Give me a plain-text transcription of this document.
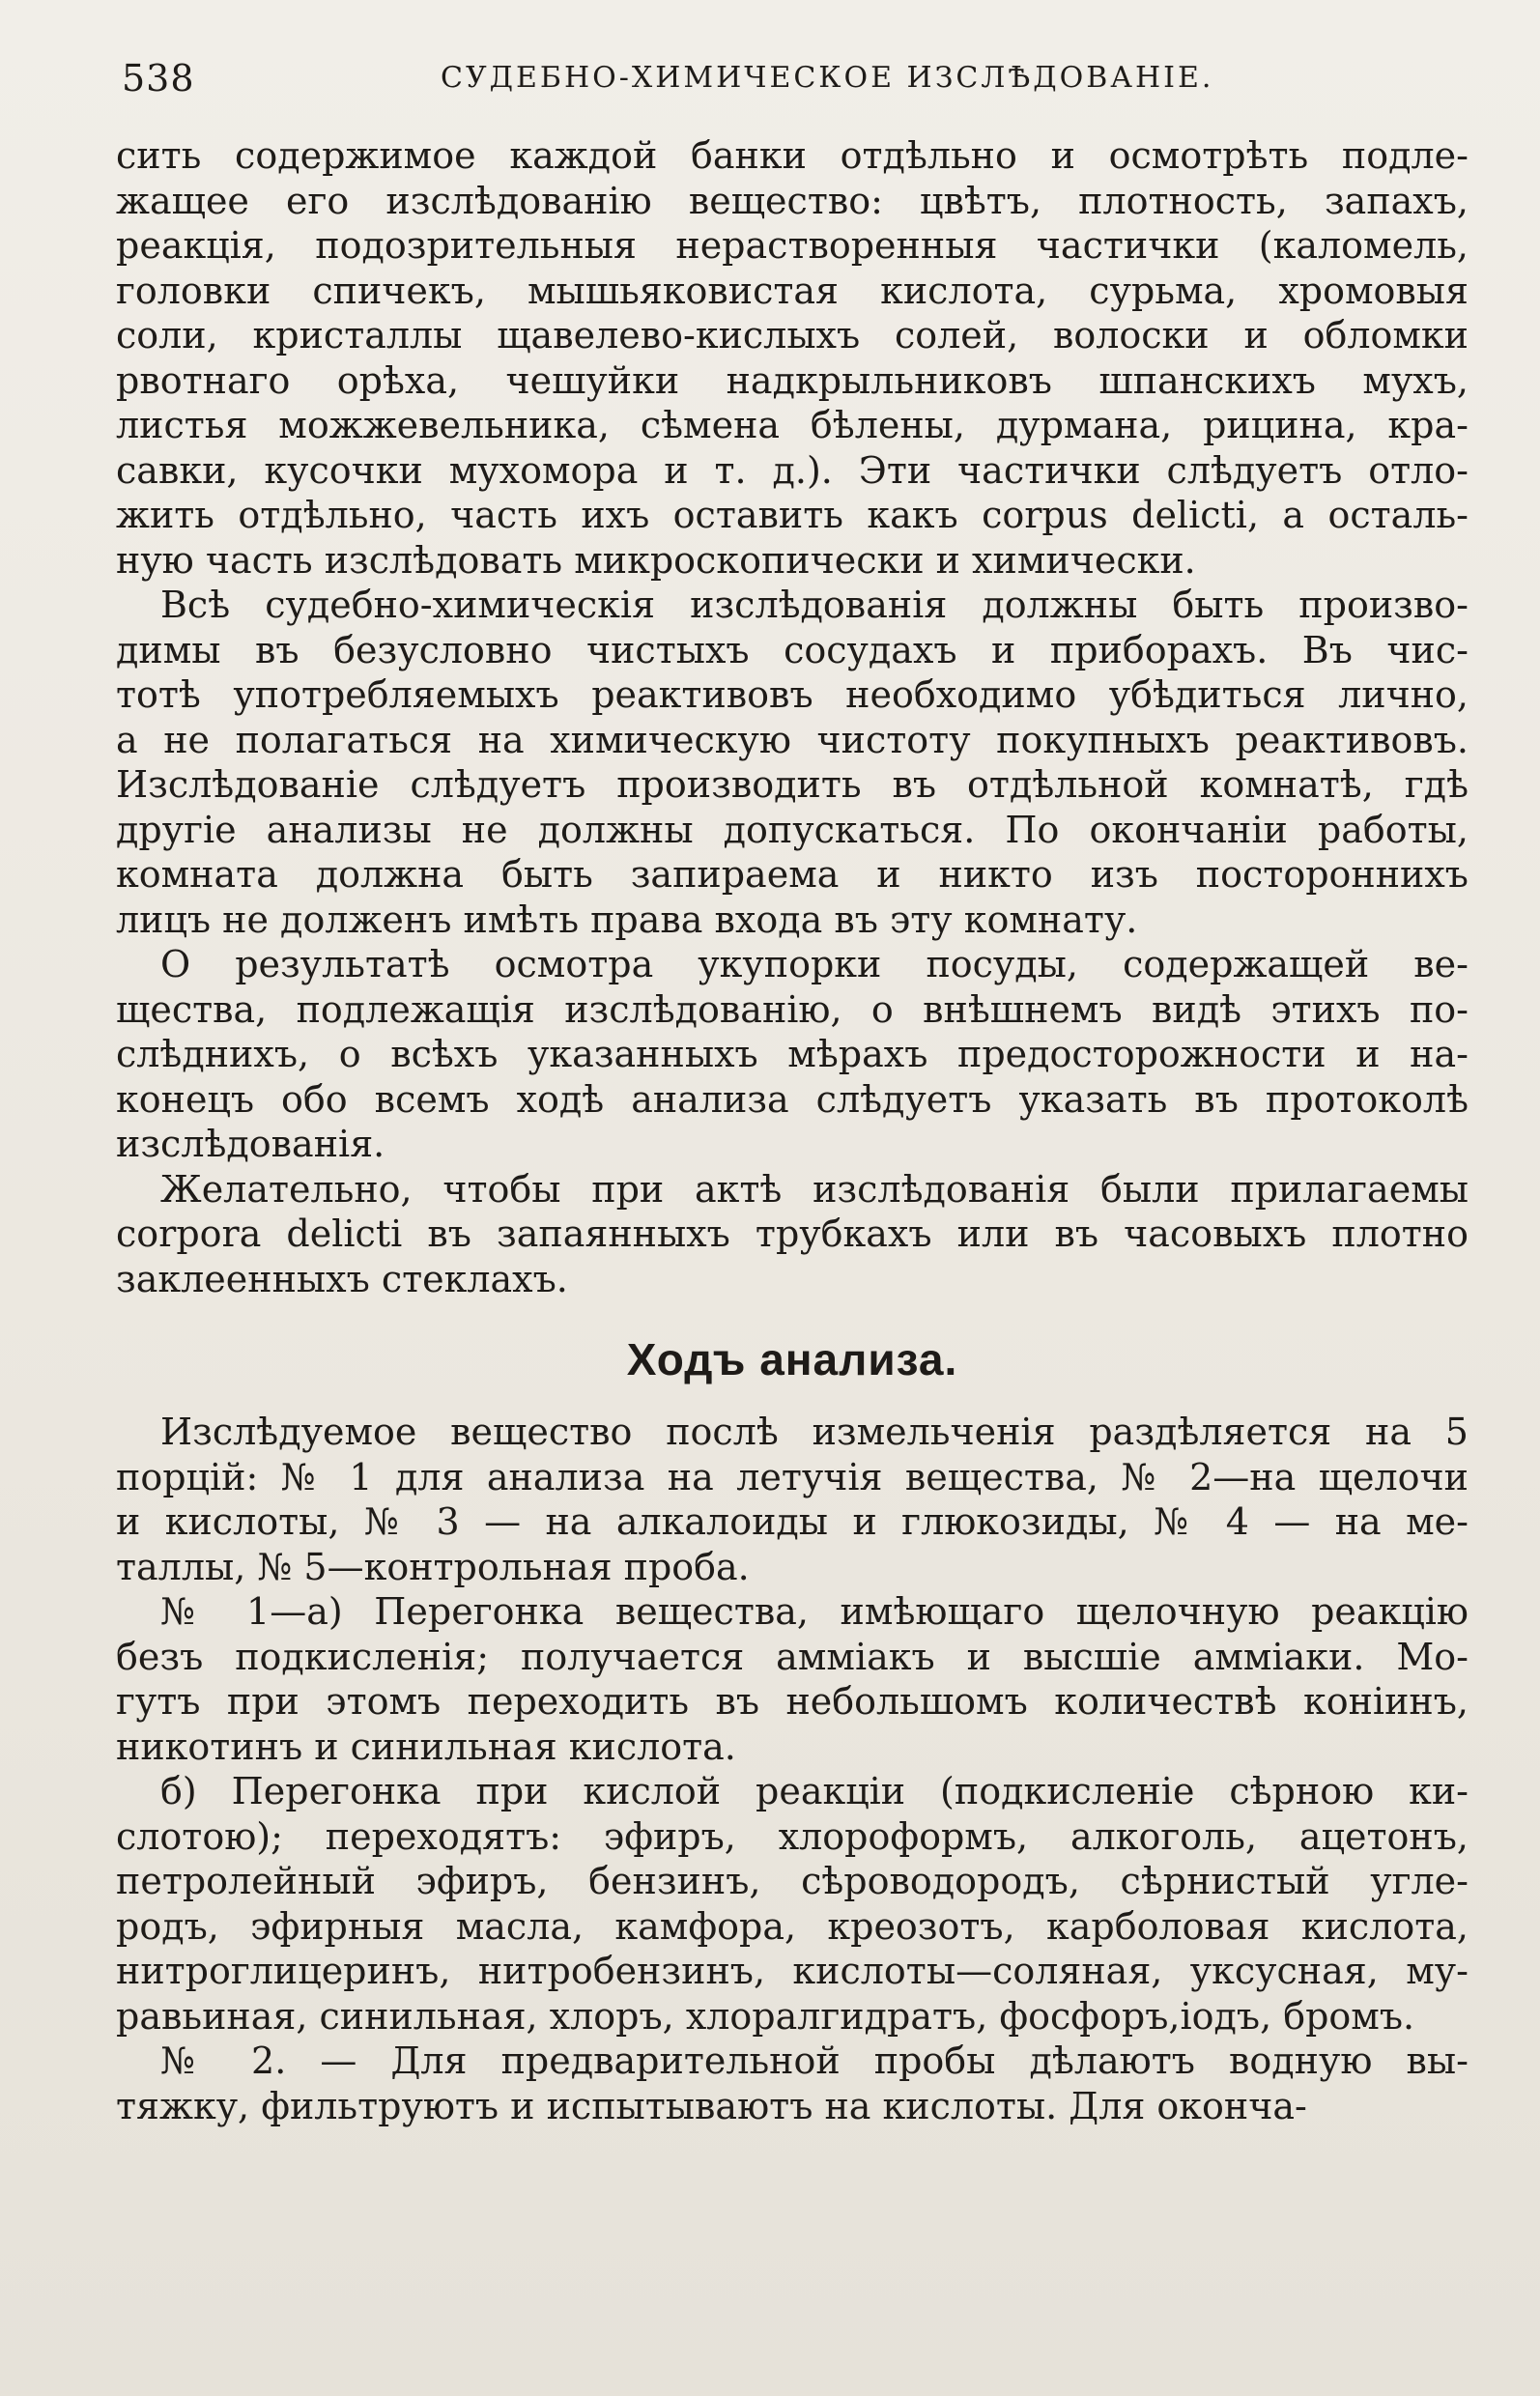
538	СУДЕБНО-ХИМИЧЕСКОЕ ИЗСЛѢДОВАНІЕ.
сить содержимое каждой банки отдѣльно и осмотрѣть подле-
жащее его изслѣдованію вещество: цвѣтъ, плотность, запахъ,
реакція, подозрительныя нерастворенныя частички (каломель,
головки спичекъ, мышьяковистая кислота, сурьма, хромовыя
соли, кристаллы щавелево-кислыхъ солей, волоски и обломки
рвотнаго орѣха, чешуйки надкрыльниковъ шпанскихъ мухъ,
листья можжевельника, сѣмена бѣлены, дурмана, рицина, кра-
савки, кусочки мухомора и т. д.). Эти частички слѣдуетъ отло-
жить отдѣльно, часть ихъ оставить какъ corpus delicti, а осталь-
ную часть изслѣдовать микроскопически и химически.
Всѣ судебно-химическія изслѣдованія должны быть произво-
димы въ безусловно чистыхъ сосудахъ и приборахъ. Въ чис-
тотѣ употребляемыхъ реактивовъ необходимо убѣдиться лично,
а не полагаться на химическую чистоту покупныхъ реактивовъ.
Изслѣдованіе слѣдуетъ производить въ отдѣльной комнатѣ, гдѣ
другіе анализы не должны допускаться. По окончаніи работы,
комната должна быть запираема и никто изъ постороннихъ
лицъ не долженъ имѣть права входа въ эту комнату.
О результатѣ осмотра укупорки посуды, содержащей ве-
щества, подлежащія изслѣдованію, о внѣшнемъ видѣ этихъ по-
слѣднихъ, о всѣхъ указанныхъ мѣрахъ предосторожности и на-
конецъ обо всемъ ходѣ анализа слѣдуетъ указать въ протоколѣ
изслѣдованія.
Желательно, чтобы при актѣ изслѣдованія были прилагаемы
corpora delicti въ запаянныхъ трубкахъ или въ часовыхъ плотно
заклеенныхъ стеклахъ.
Ходъ анализа.
Изслѣдуемое вещество послѣ измельченія раздѣляется на 5
порцій: № 1 для анализа на летучія вещества, № 2—на щелочи
и кислоты, № 3 — на алкалоиды и глюкозиды, № 4 — на ме-
таллы, № 5—контрольная проба.
№ 1—а) Перегонка вещества, имѣющаго щелочную реакцію
безъ подкисленія; получается амміакъ и высшіе амміаки. Мо-
гутъ при этомъ переходить въ небольшомъ количествѣ коніинъ,
никотинъ и синильная кислота.
б) Перегонка при кислой реакціи (подкисленіе сѣрною ки-
слотою); переходятъ: эфиръ, хлороформъ, алкоголь, ацетонъ,
петролейный эфиръ, бензинъ, сѣроводородъ, сѣрнистый угле-
родъ, эфирныя масла, камфора, креозотъ, карболовая кислота,
нитроглицеринъ, нитробензинъ, кислоты—соляная, уксусная, му-
равьиная, синильная, хлоръ, хлоралгидратъ, фосфоръ,іодъ, бромъ.
№ 2. — Для предварительной пробы дѣлаютъ водную вы-
тяжку, фильтруютъ и испытываютъ на кислоты. Для оконча-
